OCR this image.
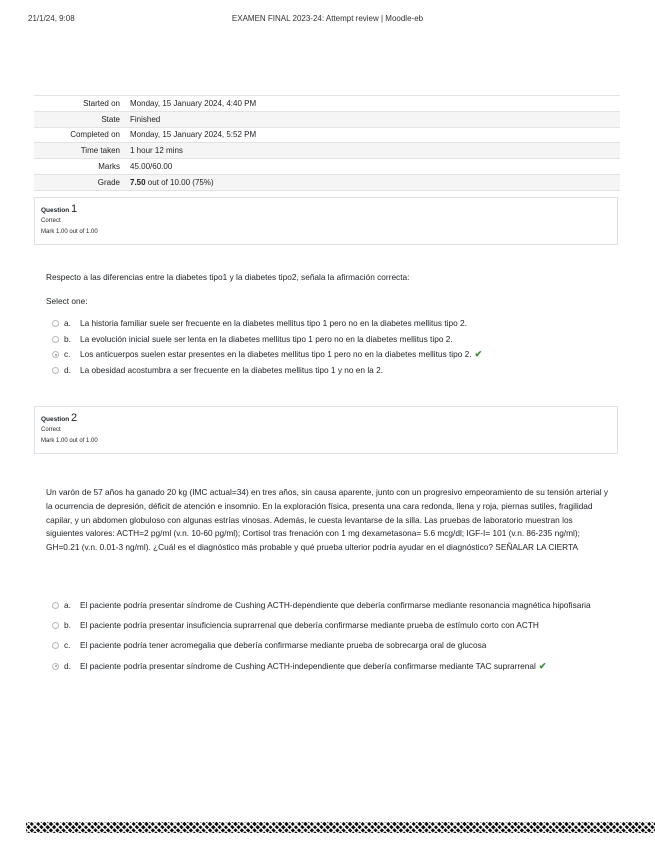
21/1/24, 9:08	EXAMEN FINAL 2023-24: Attempt review | Moodle-eb
Started on	Monday, 15 January 2024, 4:40 PM
State	Finished
Completed on	Monday, 15 January 2024, 5:52 PM
Time taken	1 hour 12 mins
Marks	45.00/60.00
Grade	7.50 out of 10.00 (75%)
Question 1
Correct
Mark 1.00 out of 1.00
Respecto a las diferencias entre la diabetes tipo1 y la diabetes tipo2, señala la afirmación correcta:
Select one:
a. La historia familiar suele ser frecuente en la diabetes mellitus tipo 1 pero no en la diabetes mellitus tipo 2.
b. La evolución inicial suele ser lenta en la diabetes mellitus tipo 1 pero no en la diabetes mellitus tipo 2.
c. Los anticuerpos suelen estar presentes en la diabetes mellitus tipo 1 pero no en la diabetes mellitus tipo 2. ✔
d. La obesidad acostumbra a ser frecuente en la diabetes mellitus tipo 1 y no en la 2.
Question 2
Correct
Mark 1.00 out of 1.00
Un varón de 57 años ha ganado 20 kg (IMC actual=34) en tres años, sin causa aparente, junto con un progresivo empeoramiento de su tensión arterial y la ocurrencia de depresión, déficit de atención e insomnio. En la exploración física, presenta una cara redonda, llena y roja, piernas sutiles, fragilidad capilar, y un abdomen globuloso con algunas estrías vinosas. Además, le cuesta levantarse de la silla. Las pruebas de laboratorio muestran los siguientes valores: ACTH=2 pg/ml (v.n. 10-60 pg/ml); Cortisol tras frenación con 1 mg dexametasona= 5.6 mcg/dl; IGF-I= 101 (v.n. 86-235 ng/ml); GH=0.21 (v.n. 0.01-3 ng/ml). ¿Cuál es el diagnóstico más probable y qué prueba ulterior podría ayudar en el diagnóstico? SEÑALAR LA CIERTA
a. El paciente podría presentar síndrome de Cushing ACTH-dependiente que debería confirmarse mediante resonancia magnética hipofisaria
b. El paciente podría presentar insuficiencia suprarrenal que debería confirmarse mediante prueba de estímulo corto con ACTH
c. El paciente podría tener acromegalia que debería confirmarse mediante prueba de sobrecarga oral de glucosa
d. El paciente podría presentar síndrome de Cushing ACTH-independiente que debería confirmarse mediante TAC suprarrenal ✔
